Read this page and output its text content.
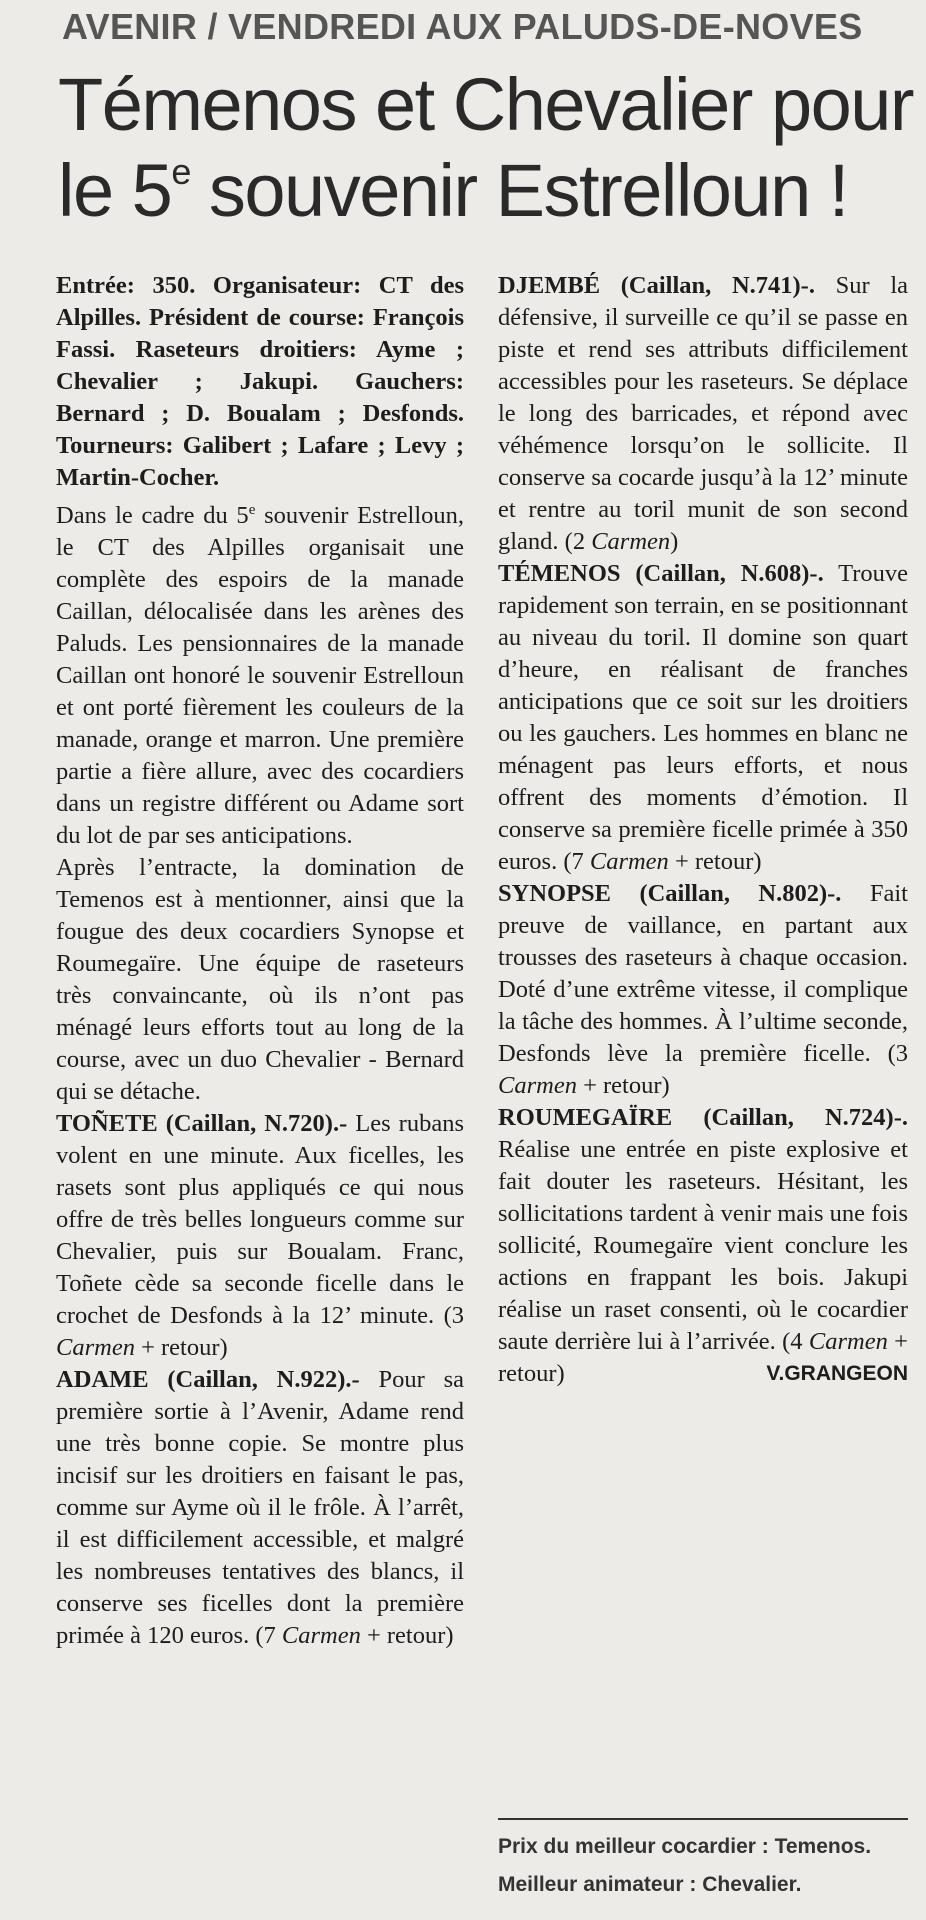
AVENIR / VENDREDI AUX PALUDS-DE-NOVES
Témenos et Chevalier pour
le 5e souvenir Estrelloun !

Entrée: 350. Organisateur: CT des Alpilles. Président de course: François Fassi. Raseteurs droitiers: Ayme ; Chevalier ; Jakupi. Gauchers: Bernard ; D. Boualam ; Desfonds. Tourneurs: Galibert ; Lafare ; Levy ; Martin-Cocher.

Dans le cadre du 5e souvenir Estrelloun, le CT des Alpilles organisait une complète des espoirs de la manade Caillan, délocalisée dans les arènes des Paluds. Les pensionnaires de la manade Caillan ont honoré le souvenir Estrelloun et ont porté fièrement les couleurs de la manade, orange et marron. Une première partie a fière allure, avec des cocardiers dans un registre différent ou Adame sort du lot de par ses anticipations.

Après l’entracte, la domination de Temenos est à mentionner, ainsi que la fougue des deux cocardiers Synopse et Roumegaïre. Une équipe de raseteurs très convaincante, où ils n’ont pas ménagé leurs efforts tout au long de la course, avec un duo Chevalier - Bernard qui se détache.

TOÑETE (Caillan, N.720).- Les rubans volent en une minute. Aux ficelles, les rasets sont plus appliqués ce qui nous offre de très belles longueurs comme sur Chevalier, puis sur Boualam. Franc, Toñete cède sa seconde ficelle dans le crochet de Desfonds à la 12’ minute. (3 Carmen + retour)

ADAME (Caillan, N.922).- Pour sa première sortie à l’Avenir, Adame rend une très bonne copie. Se montre plus incisif sur les droitiers en faisant le pas, comme sur Ayme où il le frôle. À l’arrêt, il est difficilement accessible, et malgré les nombreuses tentatives des blancs, il conserve ses ficelles dont la première primée à 120 euros. (7 Carmen + retour)

DJEMBÉ (Caillan, N.741)-. Sur la défensive, il surveille ce qu’il se passe en piste et rend ses attributs difficilement accessibles pour les raseteurs. Se déplace le long des barricades, et répond avec véhémence lorsqu’on le sollicite. Il conserve sa cocarde jusqu’à la 12’ minute et rentre au toril munit de son second gland. (2 Carmen)

TÉMENOS (Caillan, N.608)-. Trouve rapidement son terrain, en se positionnant au niveau du toril. Il domine son quart d’heure, en réalisant de franches anticipations que ce soit sur les droitiers ou les gauchers. Les hommes en blanc ne ménagent pas leurs efforts, et nous offrent des moments d’émotion. Il conserve sa première ficelle primée à 350 euros. (7 Carmen + retour)

SYNOPSE (Caillan, N.802)-. Fait preuve de vaillance, en partant aux trousses des raseteurs à chaque occasion. Doté d’une extrême vitesse, il complique la tâche des hommes. À l’ultime seconde, Desfonds lève la première ficelle. (3 Carmen + retour)

ROUMEGAÏRE (Caillan, N.724)-. Réalise une entrée en piste explosive et fait douter les raseteurs. Hésitant, les sollicitations tardent à venir mais une fois sollicité, Roumegaïre vient conclure les actions en frappant les bois. Jakupi réalise un raset consenti, où le cocardier saute derrière lui à l’arrivée. (4 Carmen + retour)	V.GRANGEON

Prix du meilleur cocardier : Temenos.
Meilleur animateur : Chevalier.
